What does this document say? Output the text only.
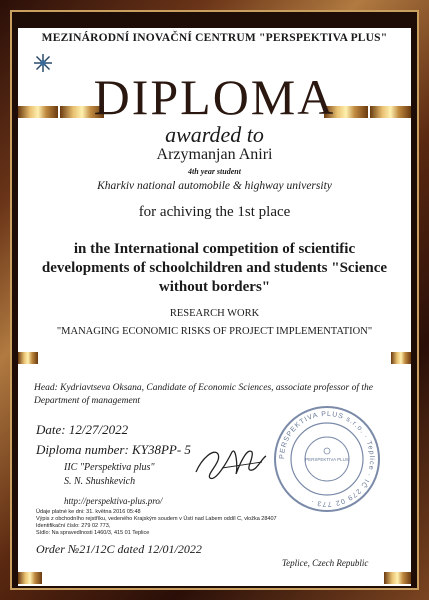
MEZINÁRODNÍ INOVAČNÍ CENTRUM "PERSPEKTIVA PLUS"
DIPLOMA
awarded to
Arzymanjan Aniri
4th year student
Kharkiv national automobile & highway university
for achiving the 1st place
in the International competition of scientific developments of schoolchildren and students "Science without borders"
RESEARCH WORK
"MANAGING ECONOMIC RISKS OF PROJECT IMPLEMENTATION"
Head: Kydriavtseva Oksana, Candidate of Economic Sciences, associate professor of the Department of management
Date: 12/27/2022
Diploma number: KY38PP- 5
IIC "Perspektiva plus"
S. N. Shushkevich
http://perspektiva-plus.pro/
Údaje platné ke dni: 31. května 2016 05:48
Výpis z obchodního rejstříku, vedeného Krajským soudem v Ústí nad Labem oddíl C, vložka 28407
Identifikační číslo: 279 02 773,
Sídlo: Na spravedlnosti 1460/3, 415 01 Teplice
Order №21/12C dated 12/01/2022
Teplice, Czech Republic
PERSPEKTIVA PLUS s.r.o. · Teplice · IČ 279 02 773 ·
PERSPEKTIVA PLUS
